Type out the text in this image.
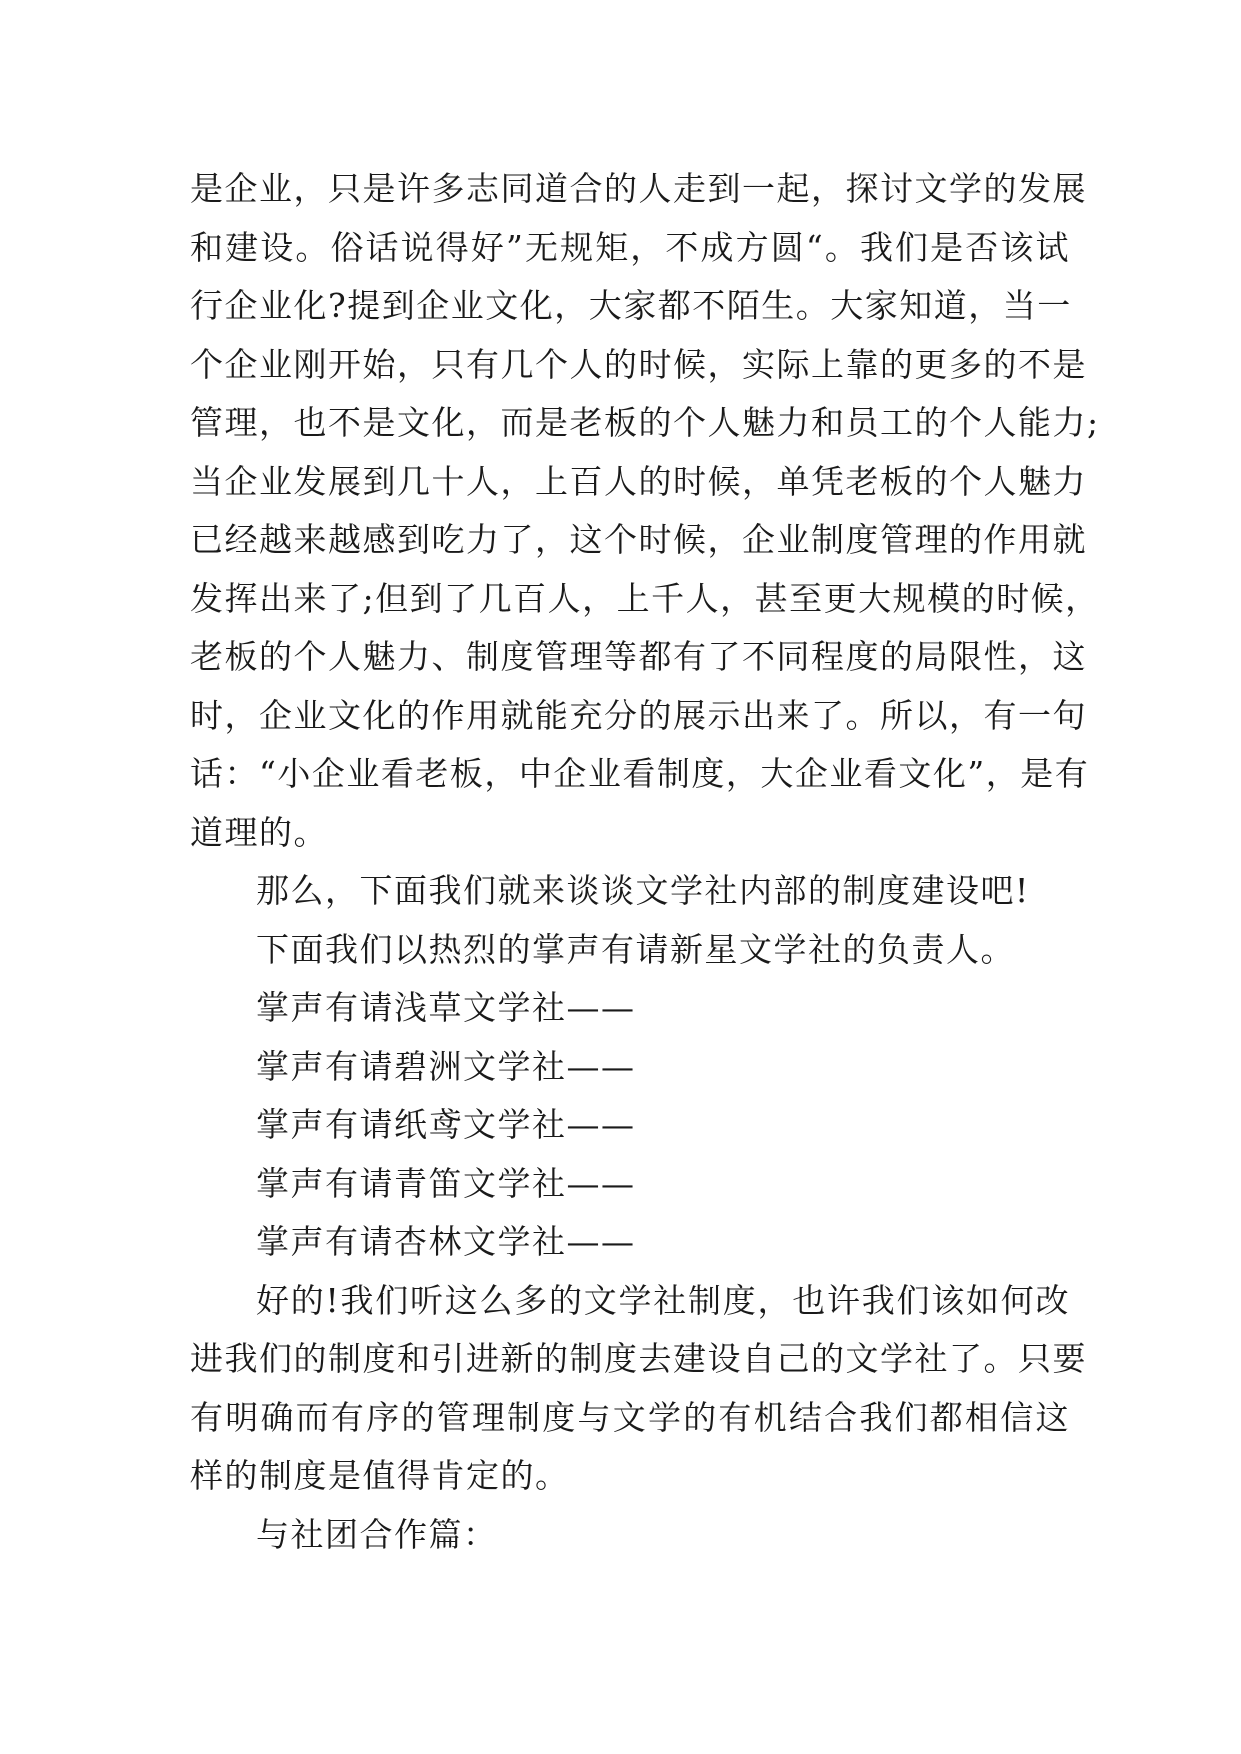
是企业，只是许多志同道合的人走到一起，探讨文学的发展
和建设。俗话说得好”无规矩，不成方圆“。我们是否该试
行企业化?提到企业文化，大家都不陌生。大家知道，当一
个企业刚开始，只有几个人的时候，实际上靠的更多的不是
管理，也不是文化，而是老板的个人魅力和员工的个人能力;
当企业发展到几十人，上百人的时候，单凭老板的个人魅力
已经越来越感到吃力了，这个时候，企业制度管理的作用就
发挥出来了;但到了几百人，上千人，甚至更大规模的时候，
老板的个人魅力、制度管理等都有了不同程度的局限性，这
时，企业文化的作用就能充分的展示出来了。所以，有一句
话：“小企业看老板，中企业看制度，大企业看文化”，是有
道理的。
那么，下面我们就来谈谈文学社内部的制度建设吧!
下面我们以热烈的掌声有请新星文学社的负责人。
掌声有请浅草文学社——
掌声有请碧洲文学社——
掌声有请纸鸢文学社——
掌声有请青笛文学社——
掌声有请杏林文学社——
好的!我们听这么多的文学社制度，也许我们该如何改
进我们的制度和引进新的制度去建设自己的文学社了。只要
有明确而有序的管理制度与文学的有机结合我们都相信这
样的制度是值得肯定的。
与社团合作篇：
